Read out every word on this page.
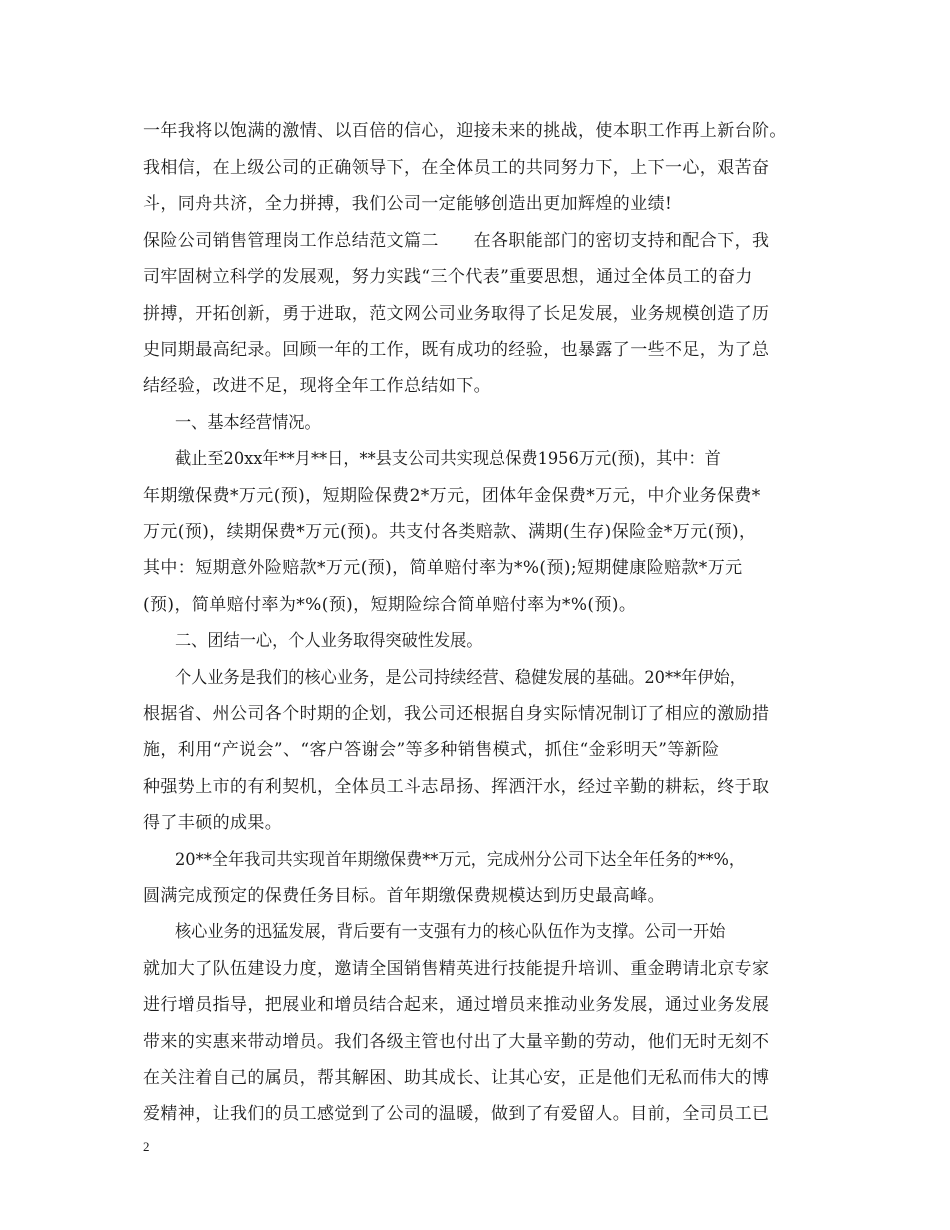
一年我将以饱满的激情、以百倍的信心，迎接未来的挑战，使本职工作再上新台阶。
我相信，在上级公司的正确领导下，在全体员工的共同努力下，上下一心，艰苦奋
斗，同舟共济，全力拼搏，我们公司一定能够创造出更加辉煌的业绩!
保险公司销售管理岗工作总结范文篇二　　在各职能部门的密切支持和配合下，我
司牢固树立科学的发展观，努力实践“三个代表”重要思想，通过全体员工的奋力
拼搏，开拓创新，勇于进取，范文网公司业务取得了长足发展，业务规模创造了历
史同期最高纪录。回顾一年的工作，既有成功的经验，也暴露了一些不足，为了总
结经验，改进不足，现将全年工作总结如下。
一、基本经营情况。
截止至20xx年**月**日，**县支公司共实现总保费1956万元(预)，其中：首
年期缴保费*万元(预)，短期险保费2*万元，团体年金保费*万元，中介业务保费*
万元(预)，续期保费*万元(预)。共支付各类赔款、满期(生存)保险金*万元(预)，
其中：短期意外险赔款*万元(预)，简单赔付率为*%(预);短期健康险赔款*万元
(预)，简单赔付率为*%(预)，短期险综合简单赔付率为*%(预)。
二、团结一心，个人业务取得突破性发展。
个人业务是我们的核心业务，是公司持续经营、稳健发展的基础。20**年伊始，
根据省、州公司各个时期的企划，我公司还根据自身实际情况制订了相应的激励措
施，利用“产说会”、“客户答谢会”等多种销售模式，抓住“金彩明天”等新险
种强势上市的有利契机，全体员工斗志昂扬、挥洒汗水，经过辛勤的耕耘，终于取
得了丰硕的成果。
20**全年我司共实现首年期缴保费**万元，完成州分公司下达全年任务的**%，
圆满完成预定的保费任务目标。首年期缴保费规模达到历史最高峰。
核心业务的迅猛发展，背后要有一支强有力的核心队伍作为支撑。公司一开始
就加大了队伍建设力度，邀请全国销售精英进行技能提升培训、重金聘请北京专家
进行增员指导，把展业和增员结合起来，通过增员来推动业务发展，通过业务发展
带来的实惠来带动增员。我们各级主管也付出了大量辛勤的劳动，他们无时无刻不
在关注着自己的属员，帮其解困、助其成长、让其心安，正是他们无私而伟大的博
爱精神，让我们的员工感觉到了公司的温暖，做到了有爱留人。目前，全司员工已
2
